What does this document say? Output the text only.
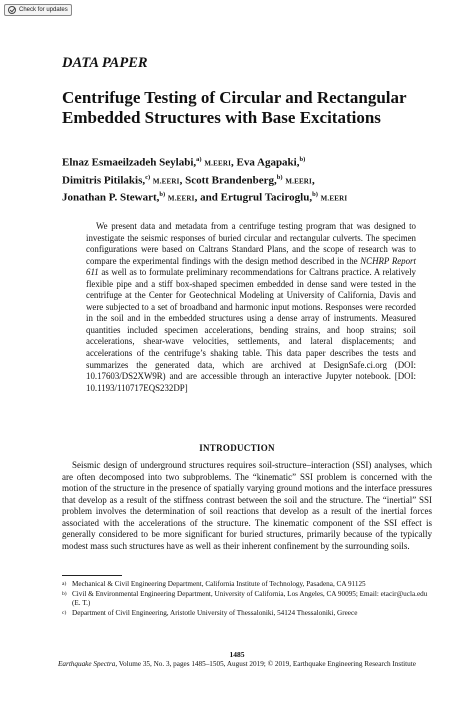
Check for updates
DATA PAPER
Centrifuge Testing of Circular and Rectangular Embedded Structures with Base Excitations
Elnaz Esmaeilzadeh Seylabi,$^{a)}$ M.EERI, Eva Agapaki,$^{b)}$
Dimitris Pitilakis,$^{c)}$ M.EERI, Scott Brandenberg,$^{b)}$ M.EERI,
Jonathan P. Stewart,$^{b)}$ M.EERI, and Ertugrul Taciroglu,$^{b)}$ M.EERI

We present data and metadata from a centrifuge testing program that was designed to investigate the seismic responses of buried circular and rectangular culverts. The specimen configurations were based on Caltrans Standard Plans, and the scope of research was to compare the experimental findings with the design method described in the NCHRP Report 611 as well as to formulate preliminary recommendations for Caltrans practice. A relatively flexible pipe and a stiff box-shaped specimen embedded in dense sand were tested in the centrifuge at the Center for Geotechnical Modeling at University of California, Davis and were subjected to a set of broadband and harmonic input motions. Responses were recorded in the soil and in the embedded structures using a dense array of instruments. Measured quantities included specimen accelerations, bending strains, and hoop strains; soil accelerations, shear-wave velocities, settlements, and lateral displacements; and accelerations of the centrifuge’s shaking table. This data paper describes the tests and summarizes the generated data, which are archived at DesignSafe.ci.org (DOI: 10.17603/DS2XW9R) and are accessible through an interactive Jupyter notebook. [DOI: 10.1193/110717EQS232DP]

INTRODUCTION

Seismic design of underground structures requires soil-structure–interaction (SSI) analyses, which are often decomposed into two subproblems. The “kinematic” SSI problem is concerned with the motion of the structure in the presence of spatially varying ground motions and the interface pressures that develop as a result of the stiffness contrast between the soil and the structure. The “inertial” SSI problem involves the determination of soil reactions that develop as a result of the inertial forces associated with the accelerations of the structure. The kinematic component of the SSI effect is generally considered to be more significant for buried structures, primarily because of the typically modest mass such structures have as well as their inherent confinement by the surrounding soils.

a) Mechanical & Civil Engineering Department, California Institute of Technology, Pasadena, CA 91125
b) Civil & Environmental Engineering Department, University of California, Los Angeles, CA 90095; Email: etacir@ucla.edu (E. T.)
c) Department of Civil Engineering, Aristotle University of Thessaloniki, 54124 Thessaloniki, Greece
1485
Earthquake Spectra, Volume 35, No. 3, pages 1485–1505, August 2019; © 2019, Earthquake Engineering Research Institute
